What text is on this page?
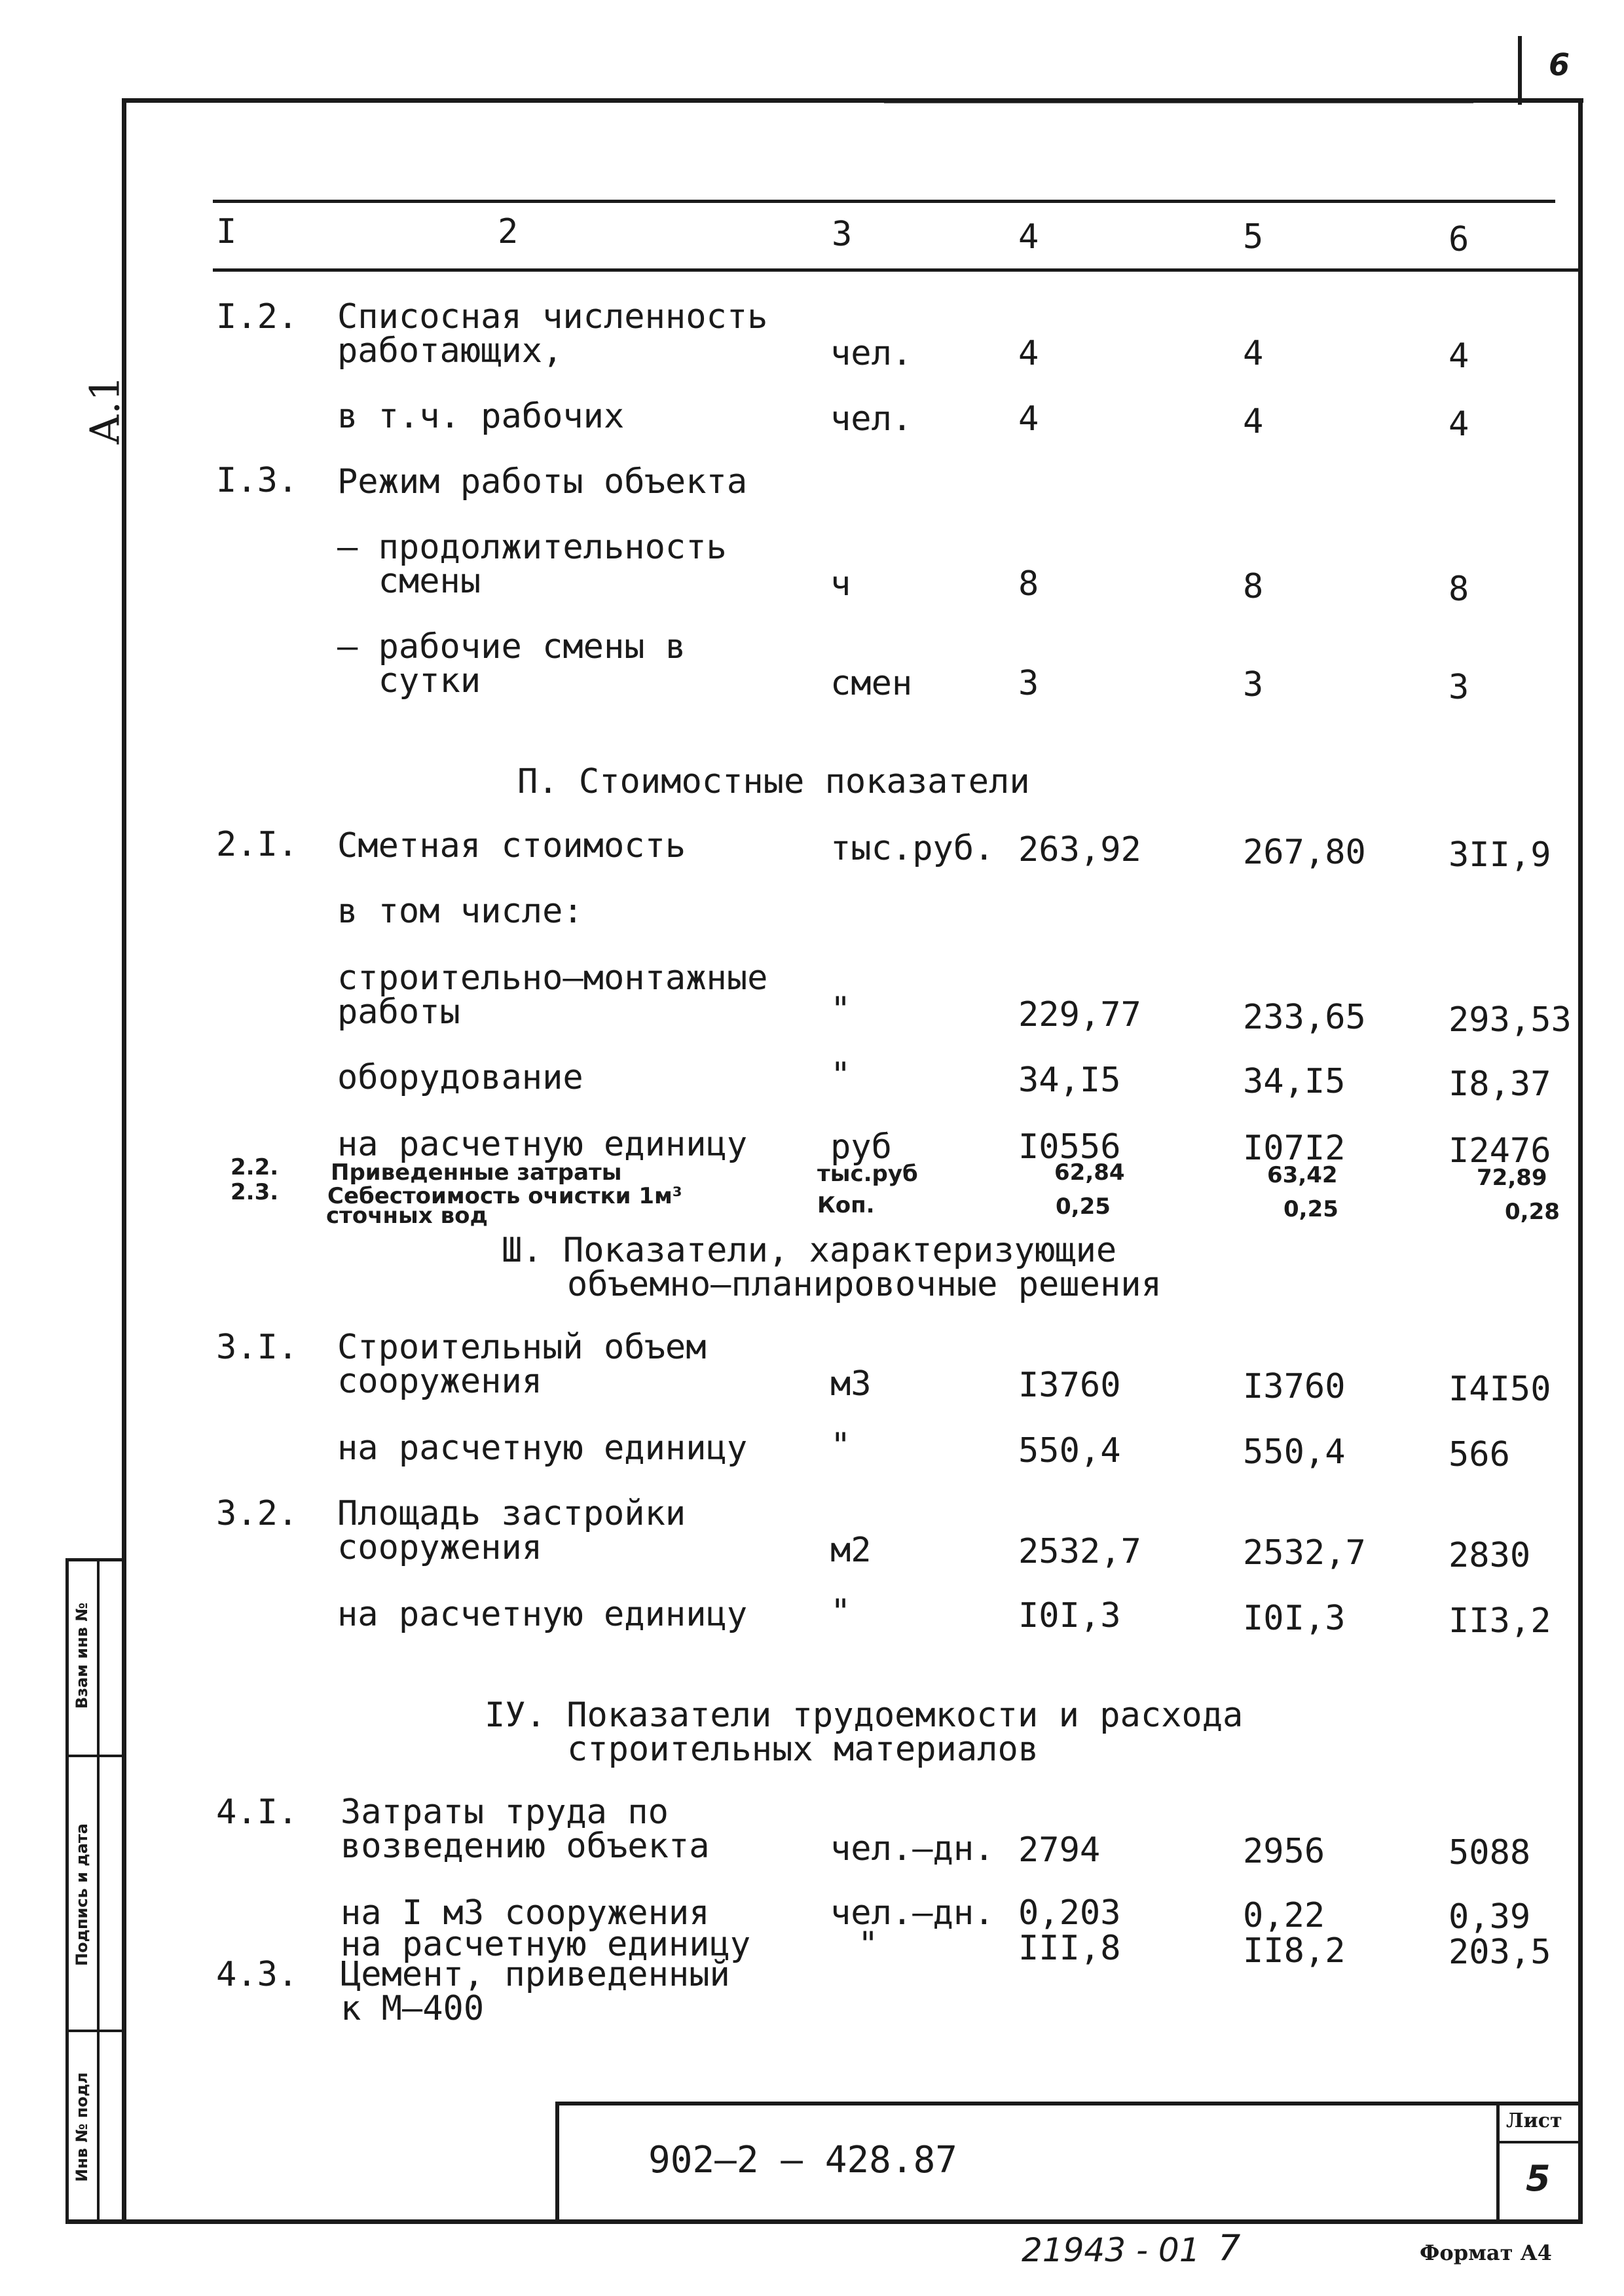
6
А.1
Взам инв №
Подпись и дата
Инв № подл
I	2	3	4	5	6
I.2. Списосная численность
работающих,	чел.	4	4	4
в т.ч. рабочих	чел.	4	4	4
I.3. Режим работы объекта
– продолжительность
смены	ч	8	8	8
– рабочие смены в
сутки	смен	3	3	3
П. Стоимостные показатели
2.I. Сметная стоимость	тыс.руб. 263,92	267,80 3II,9
в том числе:
строительно–монтажные
работы	"	229,77	233,65 293,53
оборудование	"	34,I5	34,I5	I8,37
на расчетную единицу руб	I0556	I07I2	I2476
2.2. Приведенные затраты	тыс.руб	62,84	63,42	72,89
2.3. Себестоимость очистки 1м³
сточных вод	Коп.	0,25	0,25	0,28
Ш. Показатели, характеризующие
объемно–планировочные решения
3.I. Строительный объем
сооружения	м3	I3760	I3760	I4I50
на расчетную единицу "	550,4	550,4	566
3.2. Площадь застройки
сооружения	м2	2532,7	2532,7 2830
на расчетную единицу "	I0I,3	I0I,3	II3,2
IУ. Показатели трудоемкости и расхода
строительных материалов
4.I. Затраты труда по
возведению объекта	чел.–дн. 2794	2956	5088
на I м3 сооружения	чел.–дн. 0,203	0,22	0,39
на расчетную единицу	"	III,8	II8,2	203,5
4.3. Цемент, приведенный
к М–400
902–2 – 428.87
Лист
5
21943 - 01 7	Формат А4
